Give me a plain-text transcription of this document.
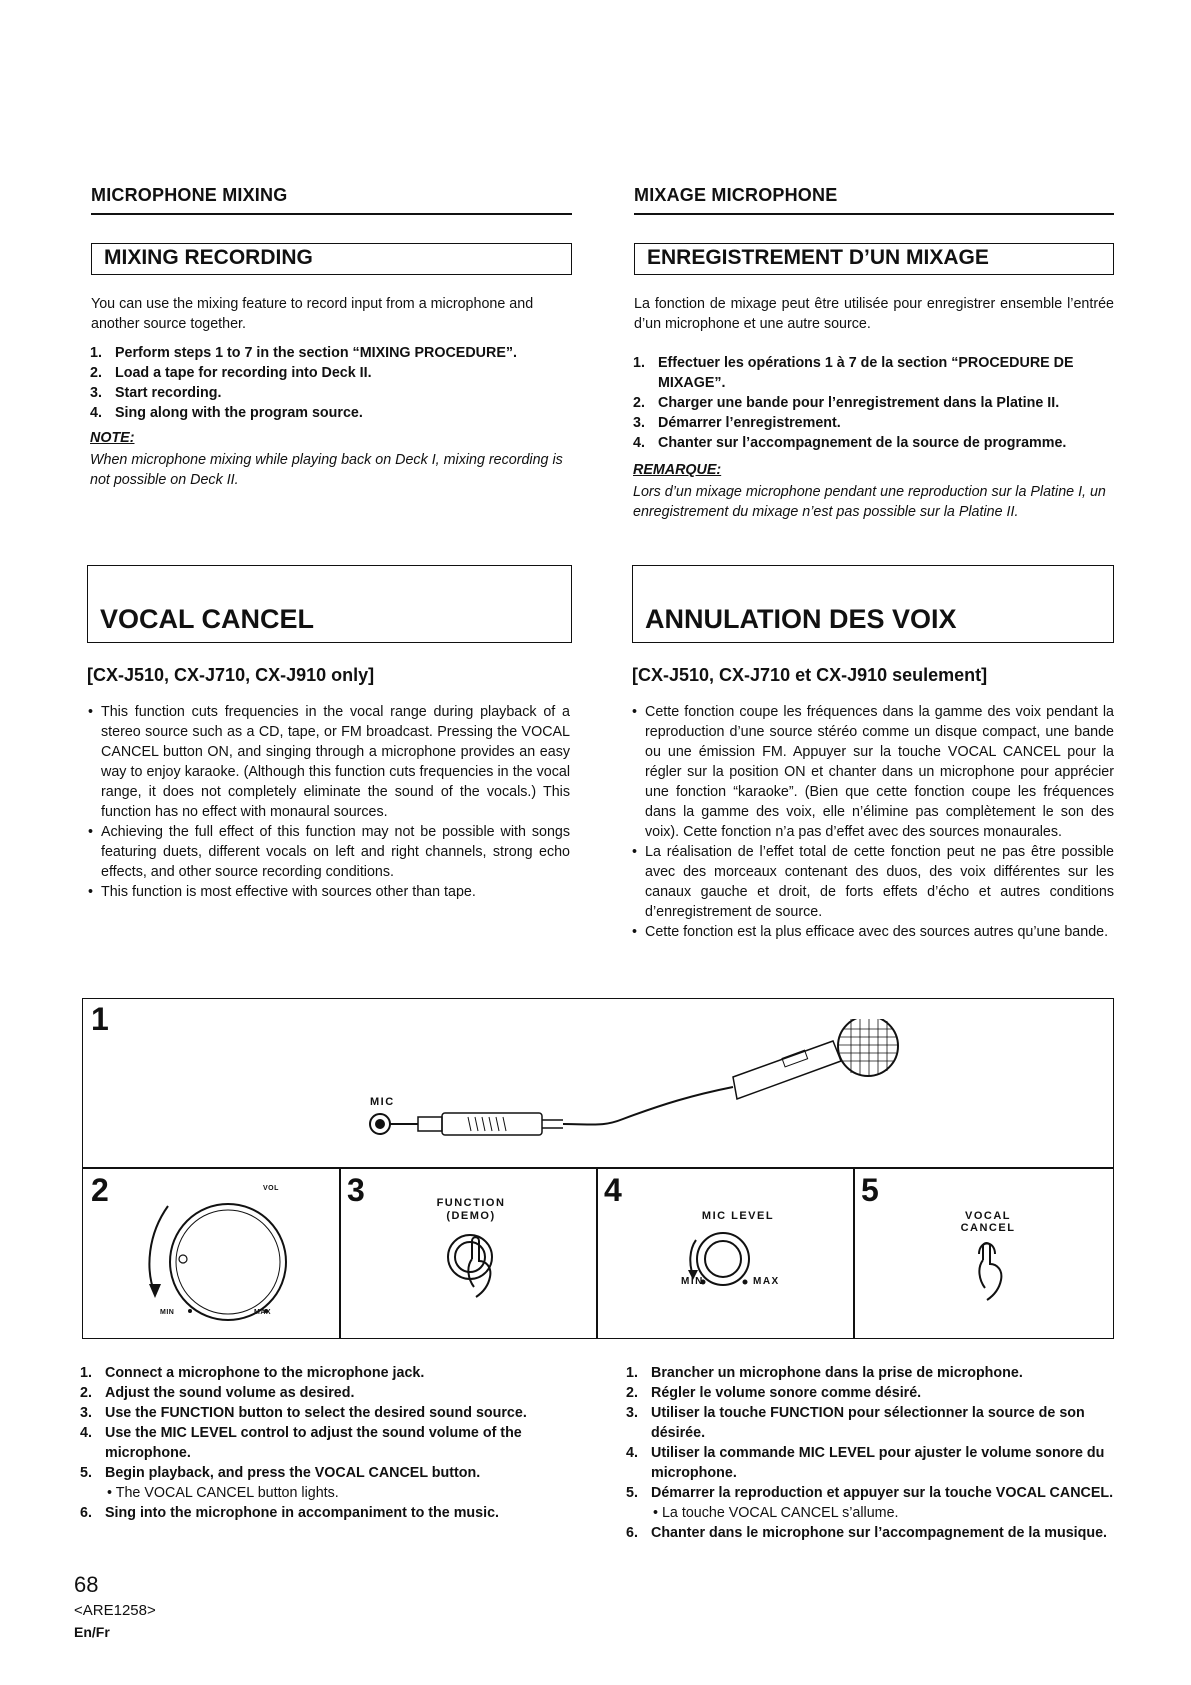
MICROPHONE MIXING
MIXING RECORDING
You can use the mixing feature to record input from a microphone and another source together.
1. Perform steps 1 to 7 in the section “MIXING PROCEDURE”.
2. Load a tape for recording into Deck II.
3. Start recording.
4. Sing along with the program source.
NOTE:
When microphone mixing while playing back on Deck I, mixing recording is not possible on Deck II.
VOCAL CANCEL
[CX-J510, CX-J710, CX-J910 only]
• This function cuts frequencies in the vocal range during playback of a stereo source such as a CD, tape, or FM broadcast. Pressing the VOCAL CANCEL button ON, and singing through a microphone provides an easy way to enjoy karaoke. (Although this function cuts frequencies in the vocal range, it does not completely eliminate the sound of the vocals.) This function has no effect with monaural sources.
• Achieving the full effect of this function may not be possible with songs featuring duets, different vocals on left and right channels, strong echo effects, and other source recording conditions.
• This function is most effective with sources other than tape.
MIXAGE MICROPHONE
ENREGISTREMENT D’UN MIXAGE
La fonction de mixage peut être utilisée pour enregistrer ensemble l’entrée d’un microphone et une autre source.
1. Effectuer les opérations 1 à 7 de la section “PROCEDURE DE MIXAGE”.
2. Charger une bande pour l’enregistrement dans la Platine II.
3. Démarrer l’enregistrement.
4. Chanter sur l’accompagnement de la source de programme.
REMARQUE:
Lors d’un mixage microphone pendant une reproduction sur la Platine I, un enregistrement du mixage n’est pas possible sur la Platine II.
ANNULATION DES VOIX
[CX-J510, CX-J710 et CX-J910 seulement]
• Cette fonction coupe les fréquences dans la gamme des voix pendant la reproduction d’une source stéréo comme un disque compact, une bande ou une émission FM. Appuyer sur la touche VOCAL CANCEL pour la régler sur la position ON et chanter dans un microphone pour apprécier une fonction “karaoke”. (Bien que cette fonction coupe les fréquences dans la gamme des voix, elle n’élimine pas complètement le son des voix). Cette fonction n’a pas d’effet avec des sources monaurales.
• La réalisation de l’effet total de cette fonction peut ne pas être possible avec des morceaux contenant des duos, des voix différentes sur les canaux gauche et droit, de forts effets d’écho et autres conditions d’enregistrement de source.
• Cette fonction est la plus efficace avec des sources autres qu’une bande.
1
MIC
2	VOL
MIN	MAX
3	FUNCTION
(DEMO)
4
MIC LEVEL
MIN	MAX
5
VOCAL
CANCEL
1. Connect a microphone to the microphone jack.
2. Adjust the sound volume as desired.
3. Use the FUNCTION button to select the desired sound source.
4. Use the MIC LEVEL control to adjust the sound volume of the microphone.
5. Begin playback, and press the VOCAL CANCEL button.
• The VOCAL CANCEL button lights.
6. Sing into the microphone in accompaniment to the music.
1. Brancher un microphone dans la prise de microphone.
2. Régler le volume sonore comme désiré.
3. Utiliser la touche FUNCTION pour sélectionner la source de son désirée.
4. Utiliser la commande MIC LEVEL pour ajuster le volume sonore du microphone.
5. Démarrer la reproduction et appuyer sur la touche VOCAL CANCEL.
• La touche VOCAL CANCEL s’allume.
6. Chanter dans le microphone sur l’accompagnement de la musique.
68
<ARE1258>
En/Fr
